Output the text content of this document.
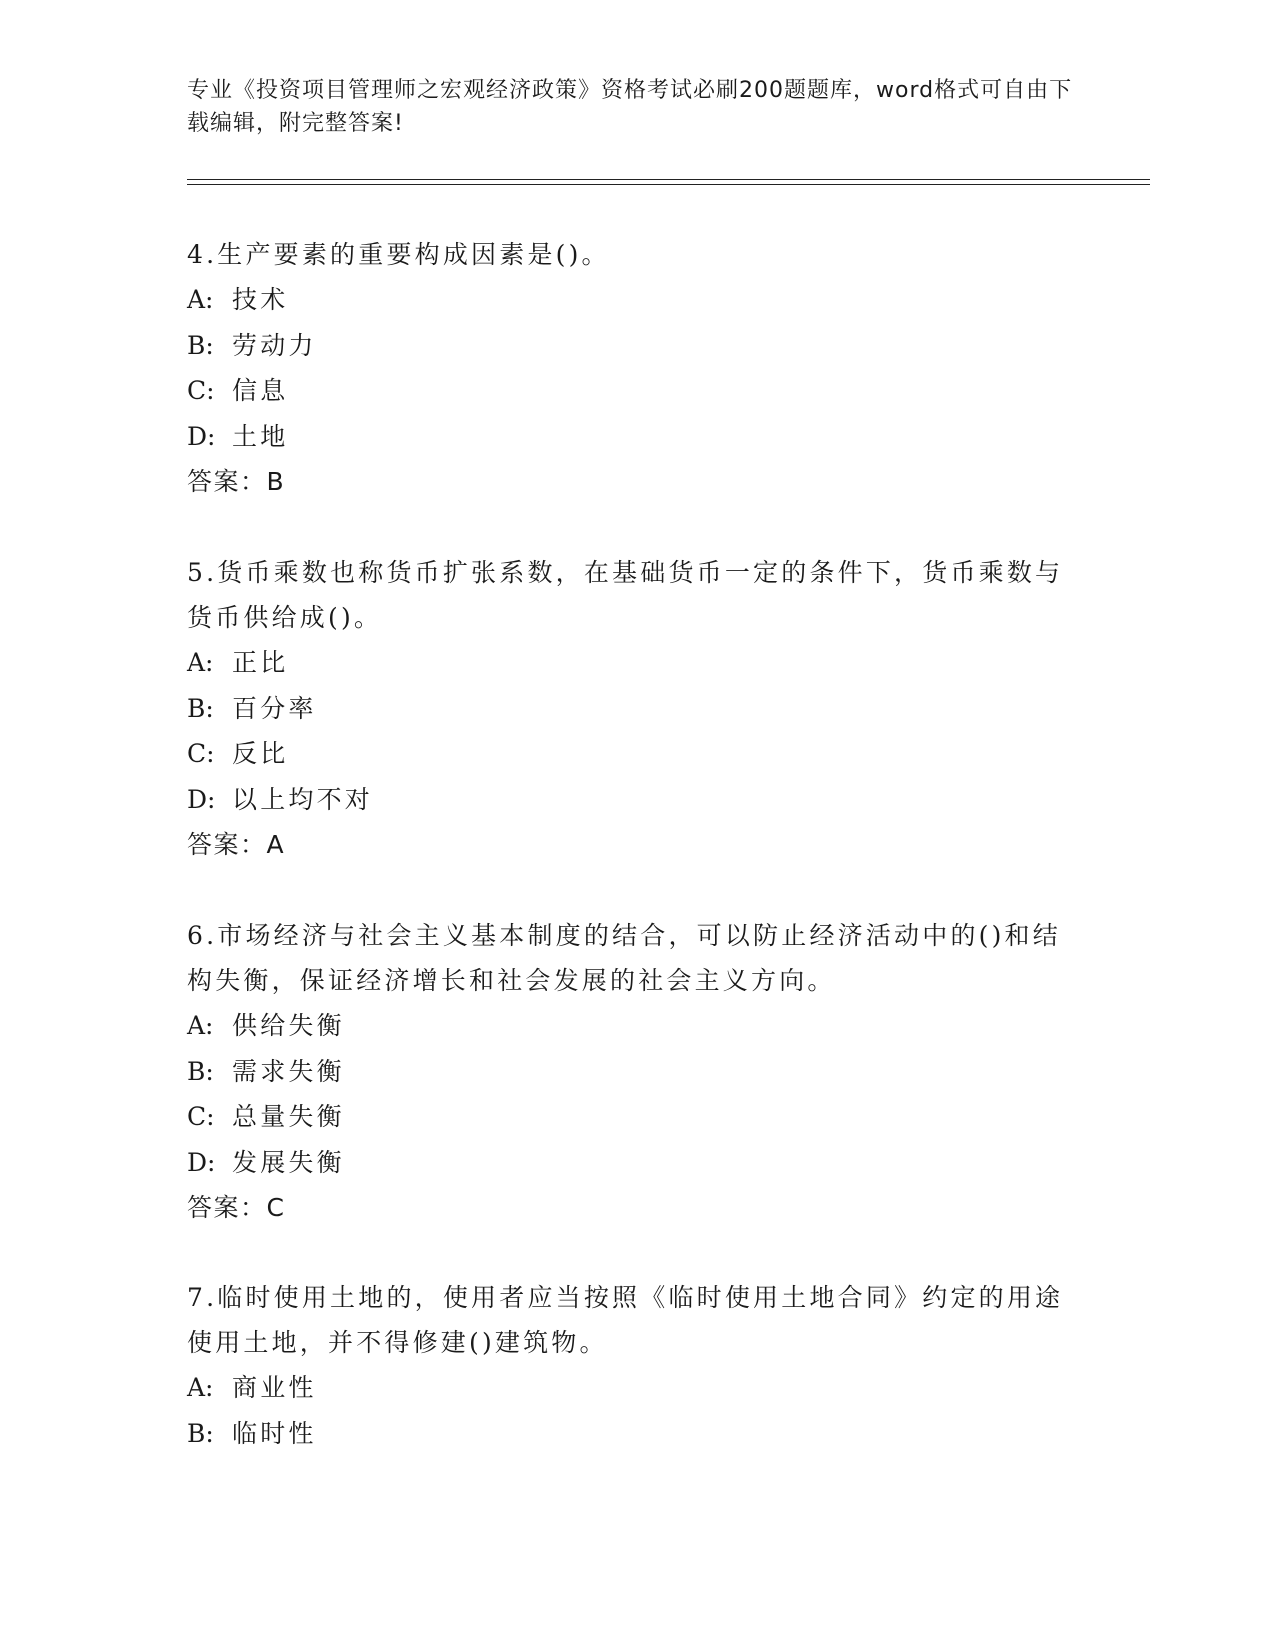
专业《投资项目管理师之宏观经济政策》资格考试必刷200题题库，word格式可自由下载编辑，附完整答案!

4.生产要素的重要构成因素是()。

A: 技术

B: 劳动力

C: 信息

D: 土地

答案：B

5.货币乘数也称货币扩张系数，在基础货币一定的条件下，货币乘数与货币供给成()。

A: 正比

B: 百分率

C: 反比

D: 以上均不对

答案：A

6.市场经济与社会主义基本制度的结合，可以防止经济活动中的()和结构失衡，保证经济增长和社会发展的社会主义方向。

A: 供给失衡

B: 需求失衡

C: 总量失衡

D: 发展失衡

答案：C

7.临时使用土地的，使用者应当按照《临时使用土地合同》约定的用途使用土地，并不得修建()建筑物。

A: 商业性

B: 临时性
